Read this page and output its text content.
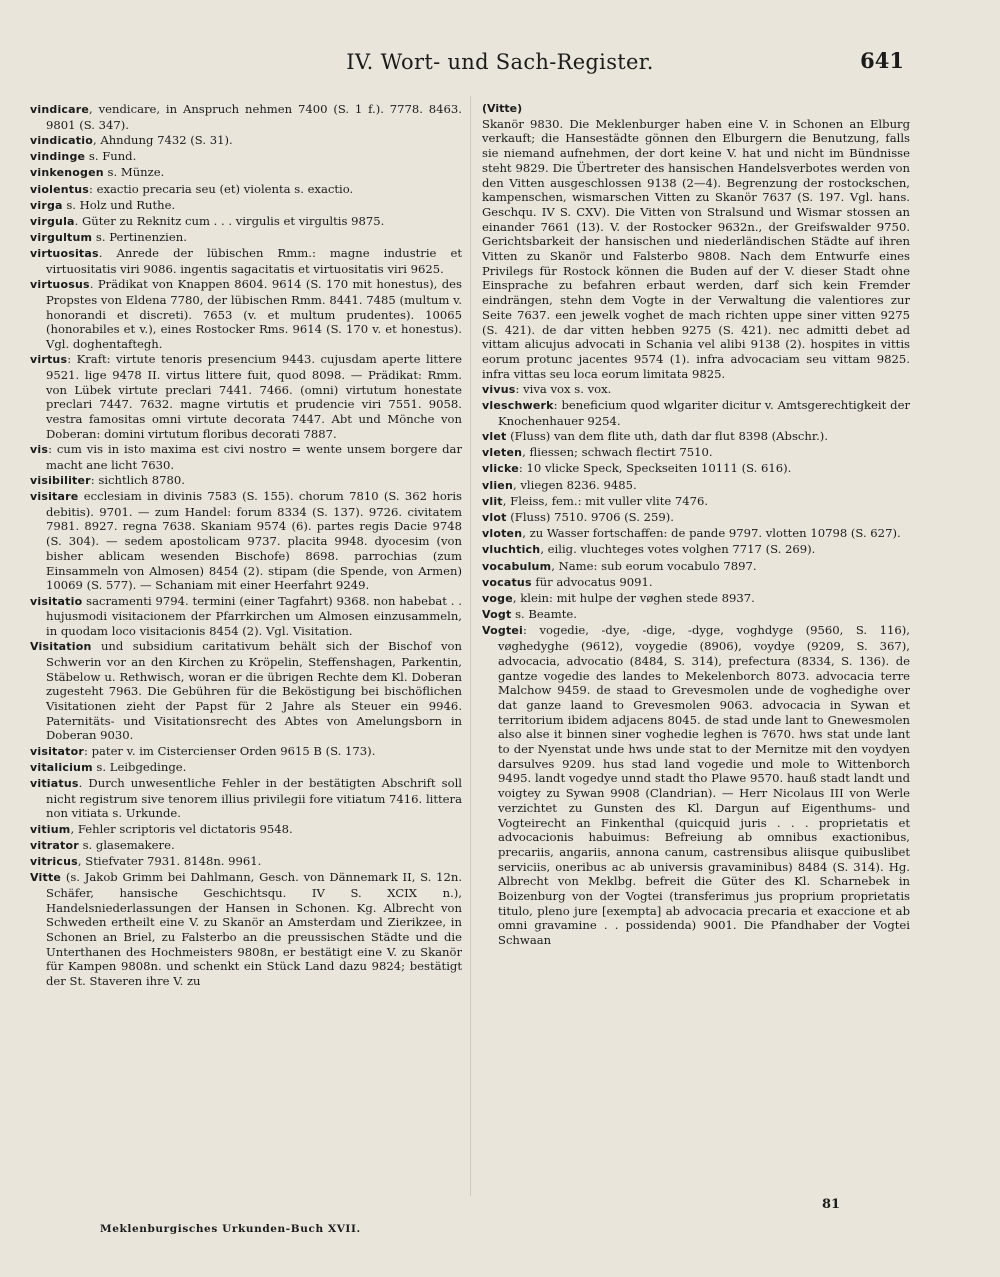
IV. Wort- und Sach-Register.	641
vindicare, vendicare, in Anspruch nehmen 7400 (S. 1 f.). 7778. 8463. 9801 (S. 347).
vindicatio, Ahndung 7432 (S. 31).
vindinge s. Fund.
vinkenogen s. Münze.
violentus: exactio precaria seu (et) violenta s. exactio.
virga s. Holz und Ruthe.
virgula. Güter zu Reknitz cum . . . virgulis et virgultis 9875.
virgultum s. Pertinenzien.
virtuositas. Anrede der lübischen Rmm.: magne industrie et virtuositatis viri 9086. ingentis sagacitatis et virtuositatis viri 9625.
virtuosus. Prädikat von Knappen 8604. 9614 (S. 170 mit honestus), des Propstes von Eldena 7780, der lübischen Rmm. 8441. 7485 (multum v. honorandi et discreti). 7653 (v. et multum prudentes). 10065 (honorabiles et v.), eines Rostocker Rms. 9614 (S. 170 v. et honestus). Vgl. doghentaftegh.
virtus: Kraft: virtute tenoris presencium 9443. cujusdam aperte littere 9521. lige 9478 II. virtus littere fuit, quod 8098. — Prädikat: Rmm. von Lübek virtute preclari 7441. 7466. (omni) virtutum honestate preclari 7447. 7632. magne virtutis et prudencie viri 7551. 9058. vestra famositas omni virtute decorata 7447. Abt und Mönche von Doberan: domini virtutum floribus decorati 7887.
vis: cum vis in isto maxima est civi nostro = wente unsem borgere dar macht ane licht 7630.
visibiliter: sichtlich 8780.
visitare ecclesiam in divinis 7583 (S. 155). chorum 7810 (S. 362 horis debitis). 9701. — zum Handel: forum 8334 (S. 137). 9726. civitatem 7981. 8927. regna 7638. Skaniam 9574 (6). partes regis Dacie 9748 (S. 304). — sedem apostolicam 9737. placita 9948. dyocesim (von bisher ablicam wesenden Bischofe) 8698. parrochias (zum Einsammeln von Almosen) 8454 (2). stipam (die Spende, von Armen) 10069 (S. 577). — Schaniam mit einer Heerfahrt 9249.
visitatio sacramenti 9794. termini (einer Tagfahrt) 9368. non habebat . . hujusmodi visitacionem der Pfarrkirchen um Almosen einzusammeln, in quodam loco visitacionis 8454 (2). Vgl. Visitation.
Visitation und subsidium caritativum behält sich der Bischof von Schwerin vor an den Kirchen zu Kröpelin, Steffenshagen, Parkentin, Stäbelow u. Rethwisch, woran er die übrigen Rechte dem Kl. Doberan zugesteht 7963. Die Gebühren für die Beköstigung bei bischöflichen Visitationen zieht der Papst für 2 Jahre als Steuer ein 9946. Paternitäts- und Visitationsrecht des Abtes von Amelungsborn in Doberan 9030.
visitator: pater v. im Cistercienser Orden 9615 B (S. 173).
vitalicium s. Leibgedinge.
vitiatus. Durch unwesentliche Fehler in der bestätigten Abschrift soll nicht registrum sive tenorem illius privilegii fore vitiatum 7416. littera non vitiata s. Urkunde.
vitium, Fehler scriptoris vel dictatoris 9548.
vitrator s. glasemakere.
vitricus, Stiefvater 7931. 8148n. 9961.
Vitte (s. Jakob Grimm bei Dahlmann, Gesch. von Dännemark II, S. 12n. Schäfer, hansische Geschichtsqu. IV S. XCIX n.), Handelsniederlassungen der Hansen in Schonen. Kg. Albrecht von Schweden ertheilt eine V. zu Skanör an Amsterdam und Zierikzee, in Schonen an Briel, zu Falsterbo an die preussischen Städte und die Unterthanen des Hochmeisters 9808n, er bestätigt eine V. zu Skanör für Kampen 9808n. und schenkt ein Stück Land dazu 9824; bestätigt der St. Staveren ihre V. zu
(Vitte)
Skanör 9830. Die Meklenburger haben eine V. in Schonen an Elburg verkauft; die Hansestädte gönnen den Elburgern die Benutzung, falls sie niemand aufnehmen, der dort keine V. hat und nicht im Bündnisse steht 9829. Die Übertreter des hansischen Handelsverbotes werden von den Vitten ausgeschlossen 9138 (2—4). Begrenzung der rostockschen, kampenschen, wismarschen Vitten zu Skanör 7637 (S. 197. Vgl. hans. Geschqu. IV S. CXV). Die Vitten von Stralsund und Wismar stossen an einander 7661 (13). V. der Rostocker 9632n., der Greifswalder 9750. Gerichtsbarkeit der hansischen und niederländischen Städte auf ihren Vitten zu Skanör und Falsterbo 9808. Nach dem Entwurfe eines Privilegs für Rostock können die Buden auf der V. dieser Stadt ohne Einsprache zu befahren erbaut werden, darf sich kein Fremder eindrängen, stehn dem Vogte in der Verwaltung die valentiores zur Seite 7637. een jewelk voghet de mach richten uppe siner vitten 9275 (S. 421). de dar vitten hebben 9275 (S. 421). nec admitti debet ad vittam alicujus advocati in Schania vel alibi 9138 (2). hospites in vittis eorum protunc jacentes 9574 (1). infra advocaciam seu vittam 9825. infra vittas seu loca eorum limitata 9825.
vivus: viva vox s. vox.
vleschwerk: beneficium quod wlgariter dicitur v. Amtsgerechtigkeit der Knochenhauer 9254.
vlet (Fluss) van dem flite uth, dath dar flut 8398 (Abschr.).
vleten, fliessen; schwach flectirt 7510.
vlicke: 10 vlicke Speck, Speckseiten 10111 (S. 616).
vlien, vliegen 8236. 9485.
vlit, Fleiss, fem.: mit vuller vlite 7476.
vlot (Fluss) 7510. 9706 (S. 259).
vloten, zu Wasser fortschaffen: de pande 9797. vlotten 10798 (S. 627).
vluchtich, eilig. vluchteges votes volghen 7717 (S. 269).
vocabulum, Name: sub eorum vocabulo 7897.
vocatus für advocatus 9091.
voge, klein: mit hulpe der vøghen stede 8937.
Vogt s. Beamte.
Vogtei: vogedie, -dye, -dige, -dyge, voghdyge (9560, S. 116), vøghedyghe (9612), voygedie (8906), voydye (9209, S. 367), advocacia, advocatio (8484, S. 314), prefectura (8334, S. 136). de gantze vogedie des landes to Mekelenborch 8073. advocacia terre Malchow 9459. de staad to Grevesmolen unde de voghedighe over dat ganze laand to Grevesmolen 9063. advocacia in Sywan et territorium ibidem adjacens 8045. de stad unde lant to Gnewesmolen also alse it binnen siner voghedie leghen is 7670. hws stat unde lant to der Nyenstat unde hws unde stat to der Mernitze mit den voydyen darsulves 9209. hus stad land vogedie und mole to Wittenborch 9495. landt vogedye unnd stadt tho Plawe 9570. hauß stadt landt und voigtey zu Sywan 9908 (Clandrian). — Herr Nicolaus III von Werle verzichtet zu Gunsten des Kl. Dargun auf Eigenthums- und Vogteirecht an Finkenthal (quicquid juris . . . proprietatis et advocacionis habuimus: Befreiung ab omnibus exactionibus, precariis, angariis, annona canum, castrensibus aliisque quibuslibet serviciis, oneribus ac ab universis gravaminibus) 8484 (S. 314). Hg. Albrecht von Meklbg. befreit die Güter des Kl. Scharnebek in Boizenburg von der Vogtei (transferimus jus proprium proprietatis titulo, pleno jure [exempta] ab advocacia precaria et exaccione et ab omni gravamine . . possidenda) 9001. Die Pfandhaber der Vogtei Schwaan
Meklenburgisches Urkunden-Buch XVII.
81
